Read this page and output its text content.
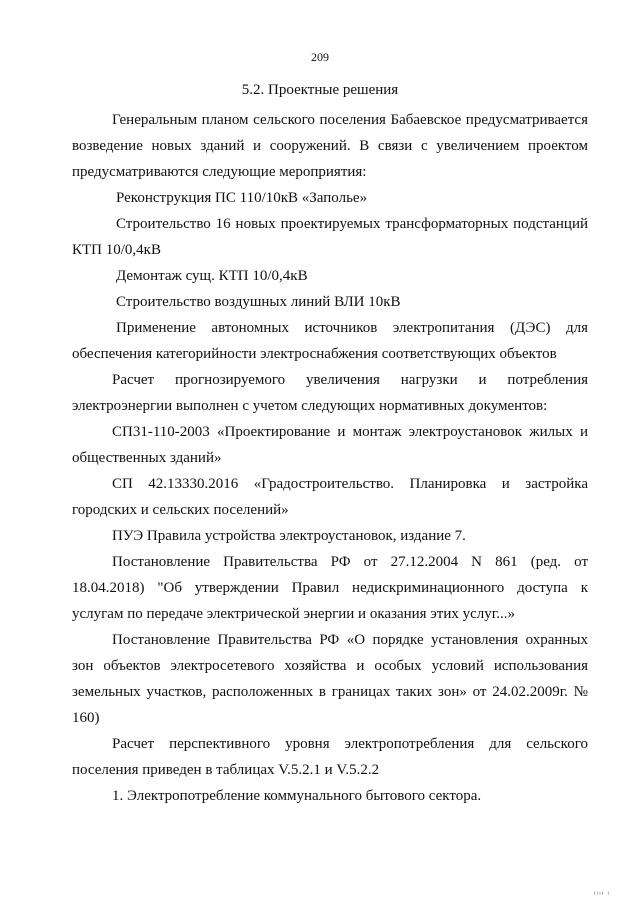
209
5.2. Проектные решения

Генеральным планом сельского поселения Бабаевское предусматривается возведение новых зданий и сооружений. В связи с увеличением проектом предусматриваются следующие мероприятия:

Реконструкция ПС 110/10кВ «Заполье»

Строительство 16 новых проектируемых трансформаторных подстанций КТП 10/0,4кВ

Демонтаж сущ. КТП 10/0,4кВ

Строительство воздушных линий ВЛИ 10кВ

Применение автономных источников электропитания (ДЭС) для обеспечения категорийности электроснабжения соответствующих объектов

Расчет прогнозируемого увеличения нагрузки и потребления электроэнергии выполнен с учетом следующих нормативных документов:

СП31-110-2003 «Проектирование и монтаж электроустановок жилых и общественных зданий»

СП 42.13330.2016 «Градостроительство. Планировка и застройка городских и сельских поселений»

ПУЭ Правила устройства электроустановок, издание 7.

Постановление Правительства РФ от 27.12.2004 N 861 (ред. от 18.04.2018) "Об утверждении Правил недискриминационного доступа к услугам по передаче электрической энергии и оказания этих услуг...»

Постановление Правительства РФ «О порядке установления охранных зон объектов электросетевого хозяйства и особых условий использования земельных участков, расположенных в границах таких зон» от 24.02.2009г. № 160)

Расчет перспективного уровня электропотребления для сельского поселения приведен в таблицах V.5.2.1 и V.5.2.2

1. Электропотребление коммунального бытового сектора.

ıııı ı
